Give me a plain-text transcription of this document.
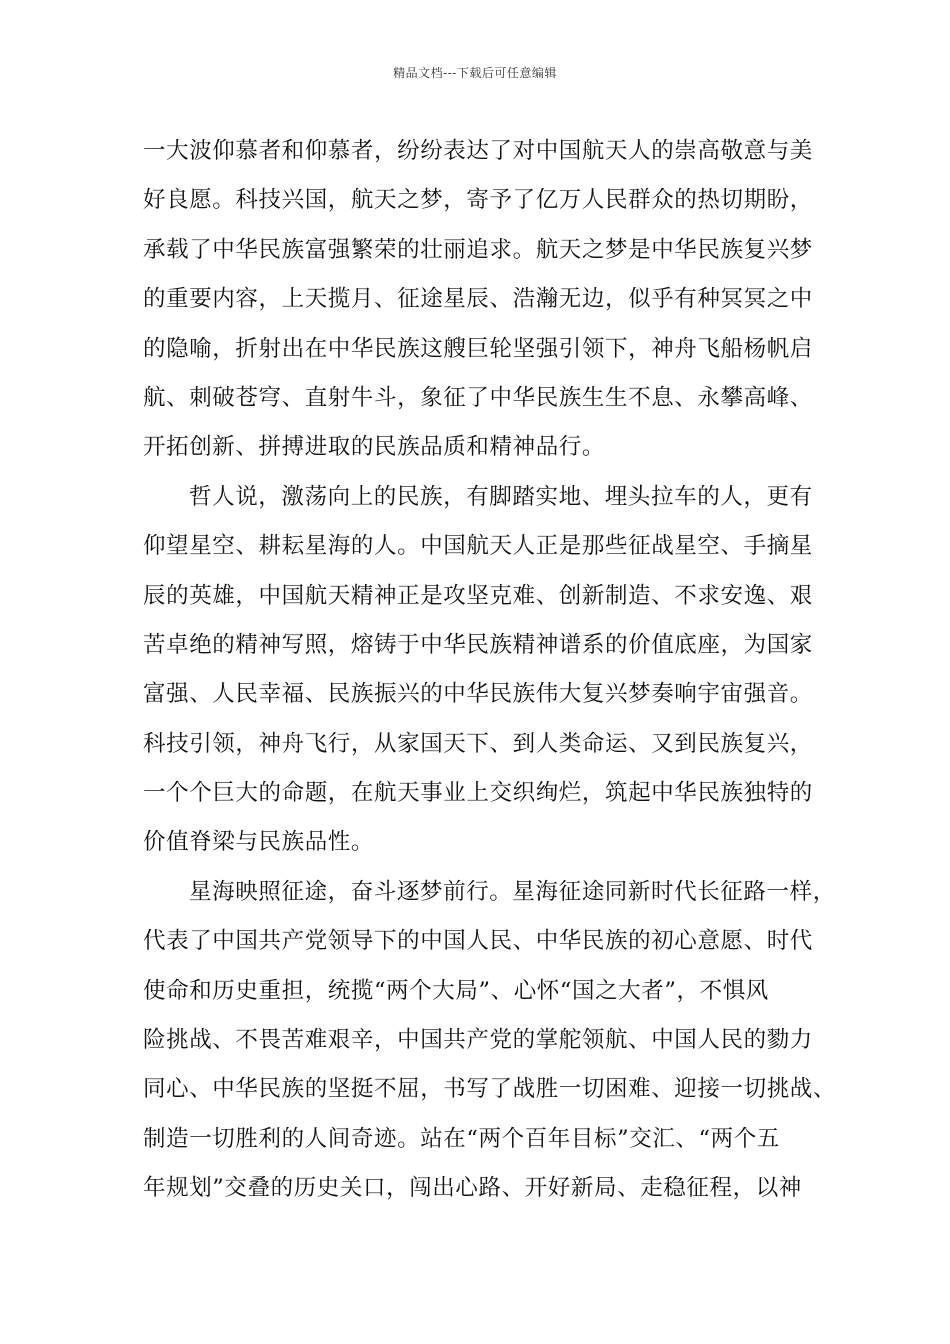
精品文档---下载后可任意编辑
一大波仰慕者和仰慕者，纷纷表达了对中国航天人的崇高敬意与美
好良愿。科技兴国，航天之梦，寄予了亿万人民群众的热切期盼，
承载了中华民族富强繁荣的壮丽追求。航天之梦是中华民族复兴梦
的重要内容，上天揽月、征途星辰、浩瀚无边，似乎有种冥冥之中
的隐喻，折射出在中华民族这艘巨轮坚强引领下，神舟飞船杨帆启
航、刺破苍穹、直射牛斗，象征了中华民族生生不息、永攀高峰、
开拓创新、拼搏进取的民族品质和精神品行。
哲人说，激荡向上的民族，有脚踏实地、埋头拉车的人，更有
仰望星空、耕耘星海的人。中国航天人正是那些征战星空、手摘星
辰的英雄，中国航天精神正是攻坚克难、创新制造、不求安逸、艰
苦卓绝的精神写照，熔铸于中华民族精神谱系的价值底座，为国家
富强、人民幸福、民族振兴的中华民族伟大复兴梦奏响宇宙强音。
科技引领，神舟飞行，从家国天下、到人类命运、又到民族复兴，
一个个巨大的命题，在航天事业上交织绚烂，筑起中华民族独特的
价值脊梁与民族品性。
星海映照征途，奋斗逐梦前行。星海征途同新时代长征路一样，
代表了中国共产党领导下的中国人民、中华民族的初心意愿、时代
使命和历史重担，统揽“两个大局”、心怀“国之大者”，不惧风
险挑战、不畏苦难艰辛，中国共产党的掌舵领航、中国人民的勠力
同心、中华民族的坚挺不屈，书写了战胜一切困难、迎接一切挑战、
制造一切胜利的人间奇迹。站在“两个百年目标”交汇、“两个五
年规划”交叠的历史关口，闯出心路、开好新局、走稳征程，以神
